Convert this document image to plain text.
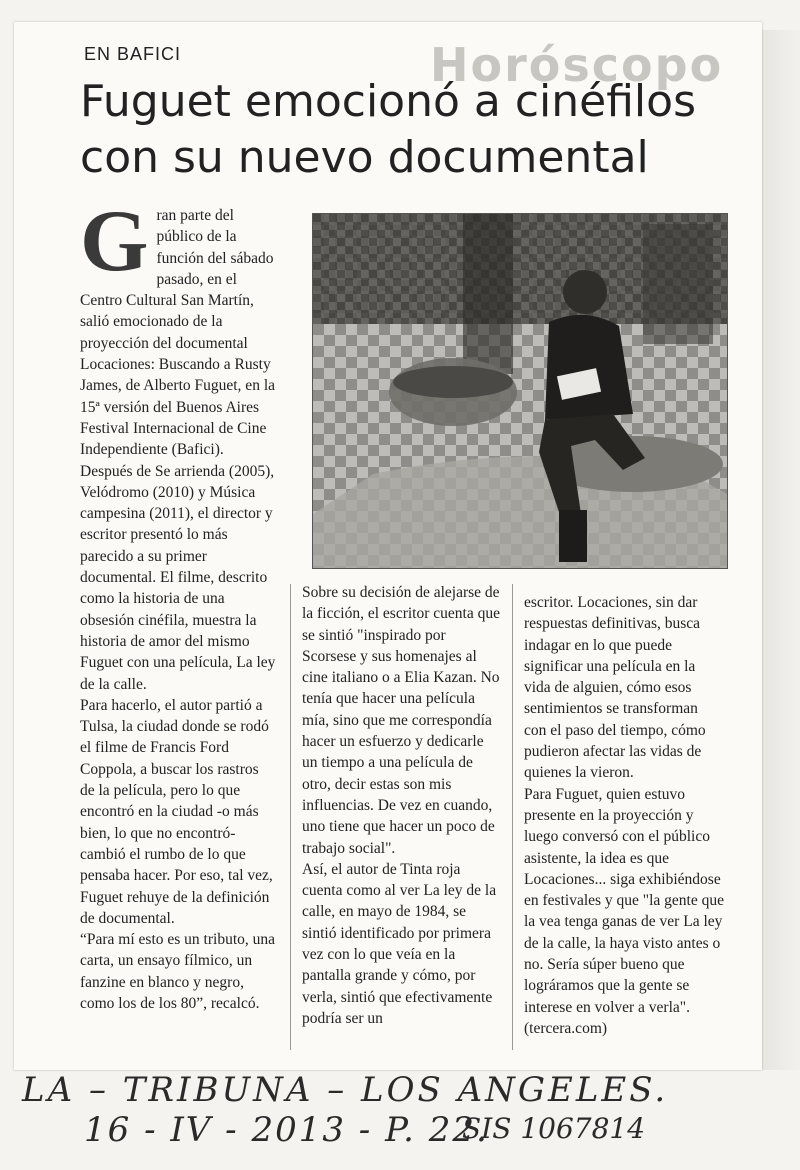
Horóscopo
EN BAFICI
Fuguet emocionó a cinéfilos con su nuevo documental

Gran parte del público de la función del sábado pasado, en el Centro Cultural San Martín, salió emocionado de la proyección del documental Locaciones: Buscando a Rusty James, de Alberto Fuguet, en la 15ª versión del Buenos Aires Festival Internacional de Cine Independiente (Bafici).

Después de Se arrienda (2005), Velódromo (2010) y Música campesina (2011), el director y escritor presentó lo más parecido a su primer documental. El filme, descrito como la historia de una obsesión cinéfila, muestra la historia de amor del mismo Fuguet con una película, La ley de la calle.

Para hacerlo, el autor partió a Tulsa, la ciudad donde se rodó el filme de Francis Ford Coppola, a buscar los rastros de la película, pero lo que encontró en la ciudad -o más bien, lo que no encontró- cambió el rumbo de lo que pensaba hacer. Por eso, tal vez, Fuguet rehuye de la definición de documental.

“Para mí esto es un tributo, una carta, un ensayo fílmico, un fanzine en blanco y negro, como los de los 80”, recalcó.

Sobre su decisión de alejarse de la ficción, el escritor cuenta que se sintió "inspirado por Scorsese y sus homenajes al cine italiano o a Elia Kazan. No tenía que hacer una película mía, sino que me correspondía hacer un esfuerzo y dedicarle un tiempo a una película de otro, decir estas son mis influencias. De vez en cuando, uno tiene que hacer un poco de trabajo social".

Así, el autor de Tinta roja cuenta como al ver La ley de la calle, en mayo de 1984, se sintió identificado por primera vez con lo que veía en la pantalla grande y cómo, por verla, sintió que efectivamente podría ser un

escritor. Locaciones, sin dar respuestas definitivas, busca indagar en lo que puede significar una película en la vida de alguien, cómo esos sentimientos se transforman con el paso del tiempo, cómo pudieron afectar las vidas de quienes la vieron.

Para Fuguet, quien estuvo presente en la proyección y luego conversó con el público asistente, la idea es que Locaciones... siga exhibiéndose en festivales y que "la gente que la vea tenga ganas de ver La ley de la calle, la haya visto antes o no. Sería súper bueno que lográramos que la gente se interese en volver a verla". (tercera.com)

LA – TRIBUNA – LOS ANGELES.
16 - IV - 2013 - P. 22.
SIS 1067814
